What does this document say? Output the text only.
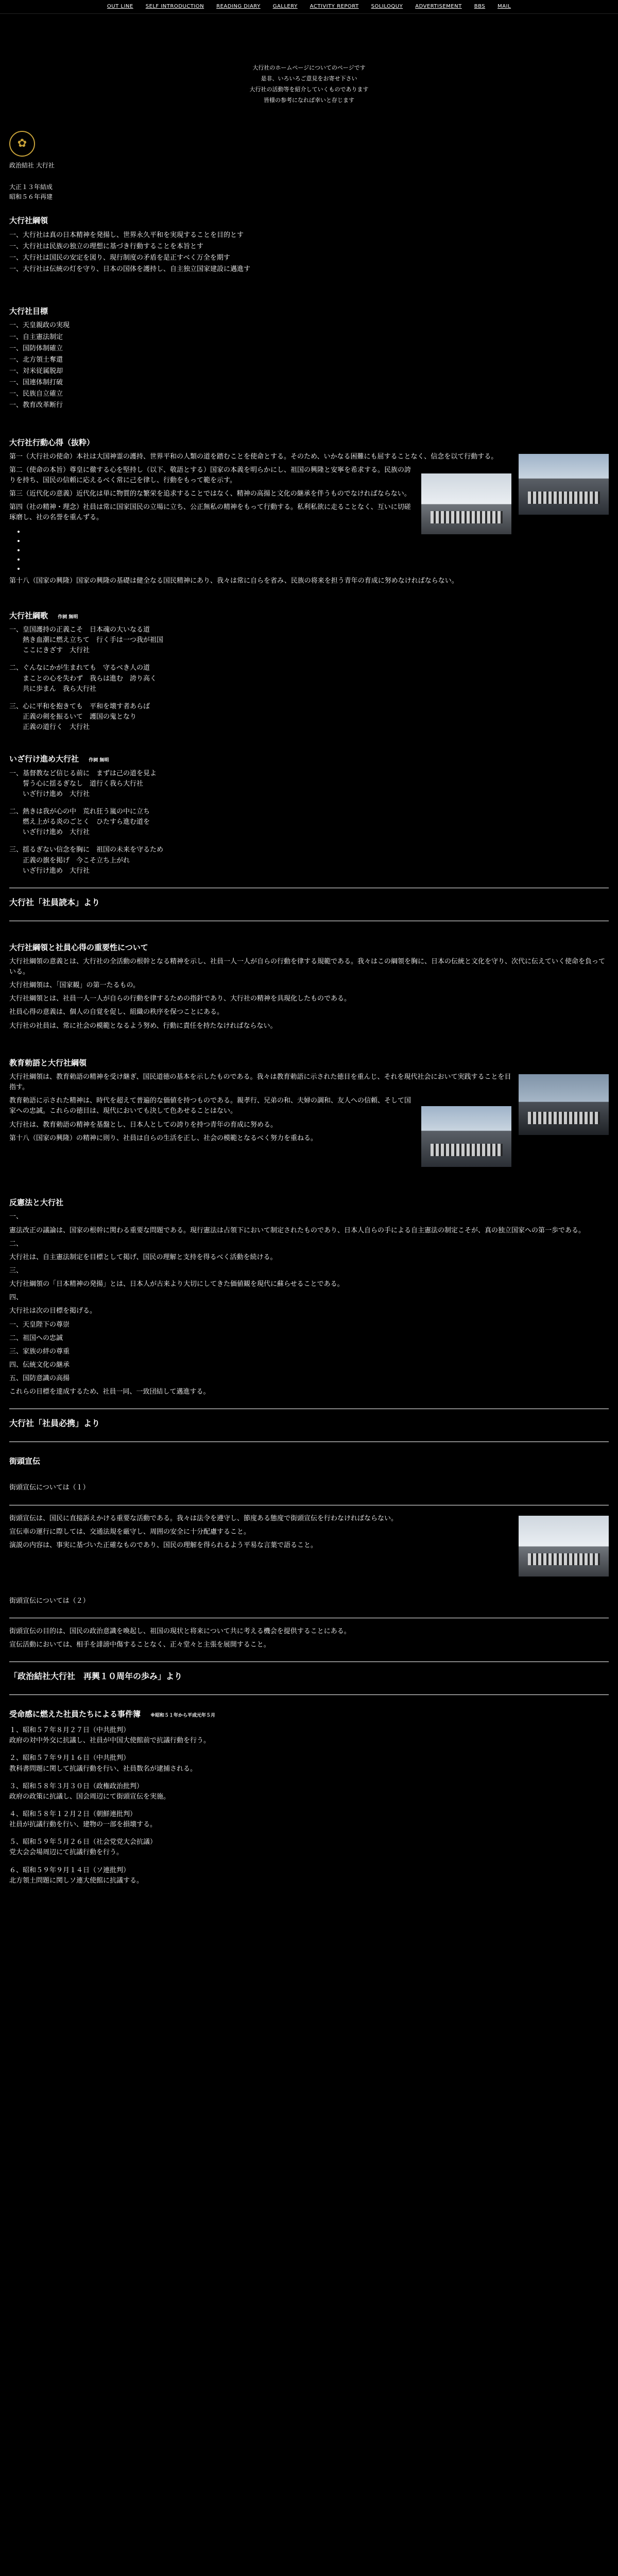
OUT LINE SELF INTRODUCTION READING DIARY GALLERY ACTIVITY REPORT SOLILOQUY ADVERTISEMENT BBS MAIL
大行社のホームページについてのページです
是非、いろいろご意見をお寄せ下さい
大行社の活動等を紹介していくものであります
皆様の参考になれば幸いと存じます
✿
政治結社 大行社
大正１３年結成
昭和５６年再建
大行社綱領
一、大行社は真の日本精神を発揚し、世界永久平和を実現することを目的とす
一、大行社は民族の独立の理想に基づき行動することを本旨とす
一、大行社は国民の安定を図り、現行制度の矛盾を是正すべく万全を期す
一、大行社は伝統の灯を守り、日本の国体を護持し、自主独立国家建設に邁進す
大行社目標
一、天皇親政の実現
一、自主憲法制定
一、国防体制確立
一、北方領土奪還
一、対米従属脱却
一、国連体制打破
一、民族自立確立
一、教育改革断行
大行社行動心得（抜粋）

第一（大行社の使命）本社は大国神霊の護持、世界平和の人類の道を踏むことを使命とする。そのため、いかなる困難にも屈することなく、信念を以て行動する。

第二（使命の本旨）尊皇に徹する心を堅持し（以下、敬語とする）国家の本義を明らかにし、祖国の興隆と安寧を希求する。民族の誇りを持ち、国民の信頼に応えるべく常に己を律し、行動をもって範を示す。

第三（近代化の意義）近代化は単に物質的な繁栄を追求することではなく、精神の高揚と文化の継承を伴うものでなければならない。

第四（社の精神・理念）社員は常に国家国民の立場に立ち、公正無私の精神をもって行動する。私利私欲に走ることなく、互いに切磋琢磨し、社の名誉を重んずる。

•
•
•
•
•

第十八（国家の興隆）国家の興隆の基礎は健全なる国民精神にあり、我々は常に自らを省み、民族の将来を担う青年の育成に努めなければならない。

大行社綱歌 作詞 無明
一、皇国護持の正義こそ　日本魂の大いなる道
　　熱き血潮に燃え立ちて　行く手は一つ我が祖国
　　ここにきざす　大行社
二、ぐんなにかが生まれても　守るべき人の道
　　まことの心を失わず　我らは進む　誇り高く
　　共に歩まん　我ら大行社
三、心に平和を抱きても　平和を壊す者あらば
　　正義の剣を振るいて　護国の鬼となり
　　正義の道行く　大行社
いざ行け進め大行社 作詞 無明
一、基督教など信じる前に　まずは己の道を見よ
　　誓う心に揺るぎなし　道行く我ら大行社
　　いざ行け進め　大行社
二、熱きは我が心の中　荒れ狂う嵐の中に立ち
　　燃え上がる炎のごとく　ひたすら進む道を
　　いざ行け進め　大行社
三、揺るぎない信念を胸に　祖国の未来を守るため
　　正義の旗を掲げ　今こそ立ち上がれ
　　いざ行け進め　大行社
大行社「社員読本」より
大行社綱領と社員心得の重要性について

大行社綱領の意義とは、大行社の全活動の根幹となる精神を示し、社員一人一人が自らの行動を律する規範である。我々はこの綱領を胸に、日本の伝統と文化を守り、次代に伝えていく使命を負っている。

大行社綱領は、「国家観」の第一たるもの。

大行社綱領とは、社員一人一人が自らの行動を律するための指針であり、大行社の精神を具現化したものである。

社員心得の意義は、個人の自覚を促し、組織の秩序を保つことにある。

大行社の社員は、常に社会の模範となるよう努め、行動に責任を持たなければならない。

教育勅語と大行社綱領

大行社綱領は、教育勅語の精神を受け継ぎ、国民道徳の基本を示したものである。我々は教育勅語に示された徳目を重んじ、それを現代社会において実践することを目指す。

教育勅語に示された精神は、時代を超えて普遍的な価値を持つものである。親孝行、兄弟の和、夫婦の調和、友人への信頼、そして国家への忠誠。これらの徳目は、現代においても決して色あせることはない。

大行社は、教育勅語の精神を基盤とし、日本人としての誇りを持つ青年の育成に努める。

第十八（国家の興隆）の精神に則り、社員は自らの生活を正し、社会の模範となるべく努力を重ねる。

反憲法と大行社

一、

憲法改正の議論は、国家の根幹に関わる重要な問題である。現行憲法は占領下において制定されたものであり、日本人自らの手による自主憲法の制定こそが、真の独立国家への第一歩である。

二、

大行社は、自主憲法制定を目標として掲げ、国民の理解と支持を得るべく活動を続ける。

三、

大行社綱領の「日本精神の発揚」とは、日本人が古来より大切にしてきた価値観を現代に蘇らせることである。

四、

大行社は次の目標を掲げる。

一、天皇陛下の尊崇

二、祖国への忠誠

三、家族の絆の尊重

四、伝統文化の継承

五、国防意識の高揚

これらの目標を達成するため、社員一同、一致団結して邁進する。

大行社「社員必携」より
街頭宣伝

街頭宣伝については（１）

街頭宣伝は、国民に直接訴えかける重要な活動である。我々は法令を遵守し、節度ある態度で街頭宣伝を行わなければならない。

宣伝車の運行に際しては、交通法規を厳守し、周囲の安全に十分配慮すること。

演説の内容は、事実に基づいた正確なものであり、国民の理解を得られるよう平易な言葉で語ること。

街頭宣伝については（２）

街頭宣伝の目的は、国民の政治意識を喚起し、祖国の現状と将来について共に考える機会を提供することにある。

宣伝活動においては、相手を誹謗中傷することなく、正々堂々と主張を展開すること。

「政治結社大行社　再興１０周年の歩み」より
受命感に燃えた社員たちによる事件簿 ※昭和５１年から平成元年５月
１、昭和５７年８月２７日（中共批判）
政府の対中外交に抗議し、社員が中国大使館前で抗議行動を行う。
２、昭和５７年９月１６日（中共批判）
教科書問題に関して抗議行動を行い、社員数名が逮捕される。
３、昭和５８年３月３０日（政権政治批判）
政府の政策に抗議し、国会周辺にて街頭宣伝を実施。
４、昭和５８年１２月２日（朝鮮連批判）
社員が抗議行動を行い、建物の一部を損壊する。
５、昭和５９年５月２６日（社会党党大会抗議）
党大会会場周辺にて抗議行動を行う。
６、昭和５９年９月１４日（ソ連批判）
北方領土問題に関しソ連大使館に抗議する。
